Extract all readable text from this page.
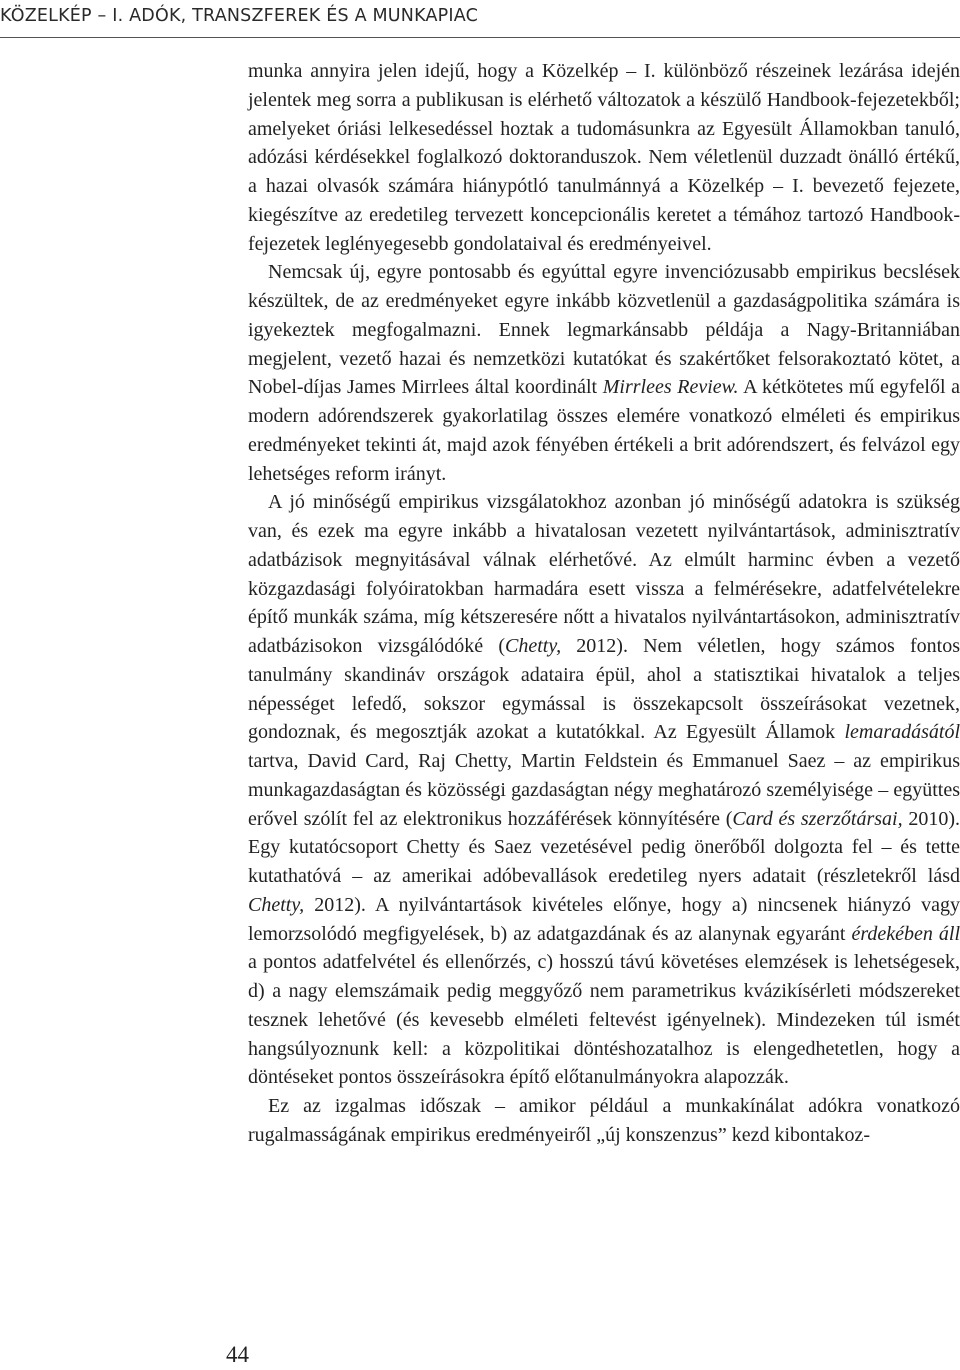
KÖZELKÉP – I. ADÓK, TRANSZFEREK ÉS A MUNKAPIAC

munka annyira jelen idejű, hogy a Közelkép – I. különböző részeinek lezárása idején jelentek meg sorra a publikusan is elérhető változatok a készülő Handbook-fejezetekből; amelyeket óriási lelkesedéssel hoztak a tudomásunkra az Egyesült Államokban tanuló, adózási kérdésekkel foglalkozó doktoranduszok. Nem véletlenül duzzadt önálló értékű, a hazai olvasók számára hiánypótló tanulmánnyá a Közelkép – I. bevezető fejezete, kiegészítve az eredetileg tervezett koncepcionális keretet a témához tartozó Handbook-fejezetek leglényegesebb gondolataival és eredményeivel.

Nemcsak új, egyre pontosabb és egyúttal egyre invenciózusabb empirikus becslések készültek, de az eredményeket egyre inkább közvetlenül a gazdaságpolitika számára is igyekeztek megfogalmazni. Ennek legmarkánsabb példája a Nagy-Britanniában megjelent, vezető hazai és nemzetközi kutatókat és szakértőket felsorakoztató kötet, a Nobel-díjas James Mirrlees által koordinált Mirrlees Review. A kétkötetes mű egyfelől a modern adórendszerek gyakorlatilag összes elemére vonatkozó elméleti és empirikus eredményeket tekinti át, majd azok fényében értékeli a brit adórendszert, és felvázol egy lehetséges reform irányt.

A jó minőségű empirikus vizsgálatokhoz azonban jó minőségű adatokra is szükség van, és ezek ma egyre inkább a hivatalosan vezetett nyilvántartások, adminisztratív adatbázisok megnyitásával válnak elérhetővé. Az elmúlt harminc évben a vezető közgazdasági folyóiratokban harmadára esett vissza a felmérésekre, adatfelvételekre építő munkák száma, míg kétszeresére nőtt a hivatalos nyilvántartásokon, adminisztratív adatbázisokon vizsgálódóké (Chetty, 2012). Nem véletlen, hogy számos fontos tanulmány skandináv országok adataira épül, ahol a statisztikai hivatalok a teljes népességet lefedő, sokszor egymással is összekapcsolt összeírásokat vezetnek, gondoznak, és megosztják azokat a kutatókkal. Az Egyesült Államok lemaradásától tartva, David Card, Raj Chetty, Martin Feldstein és Emmanuel Saez – az empirikus munkagazdaságtan és közösségi gazdaságtan négy meghatározó személyisége – együttes erővel szólít fel az elektronikus hozzáférések könnyítésére (Card és szerzőtársai, 2010). Egy kutatócsoport Chetty és Saez vezetésével pedig önerőből dolgozta fel – és tette kutathatóvá – az amerikai adóbevallások eredetileg nyers adatait (részletekről lásd Chetty, 2012). A nyilvántartások kivételes előnye, hogy a) nincsenek hiányzó vagy lemorzsolódó megfigyelések, b) az adatgazdának és az alanynak egyaránt érdekében áll a pontos adatfelvétel és ellenőrzés, c) hosszú távú követéses elemzések is lehetségesek, d) a nagy elemszámaik pedig meggyőző nem parametrikus kvázikísérleti módszereket tesznek lehetővé (és kevesebb elméleti feltevést igényelnek). Mindezeken túl ismét hangsúlyoznunk kell: a közpolitikai döntéshozatalhoz is elengedhetetlen, hogy a döntéseket pontos összeírásokra építő előtanulmányokra alapozzák.

Ez az izgalmas időszak – amikor például a munkakínálat adókra vonatkozó rugalmasságának empirikus eredményeiről „új konszenzus” kezd kibontakoz-

44
